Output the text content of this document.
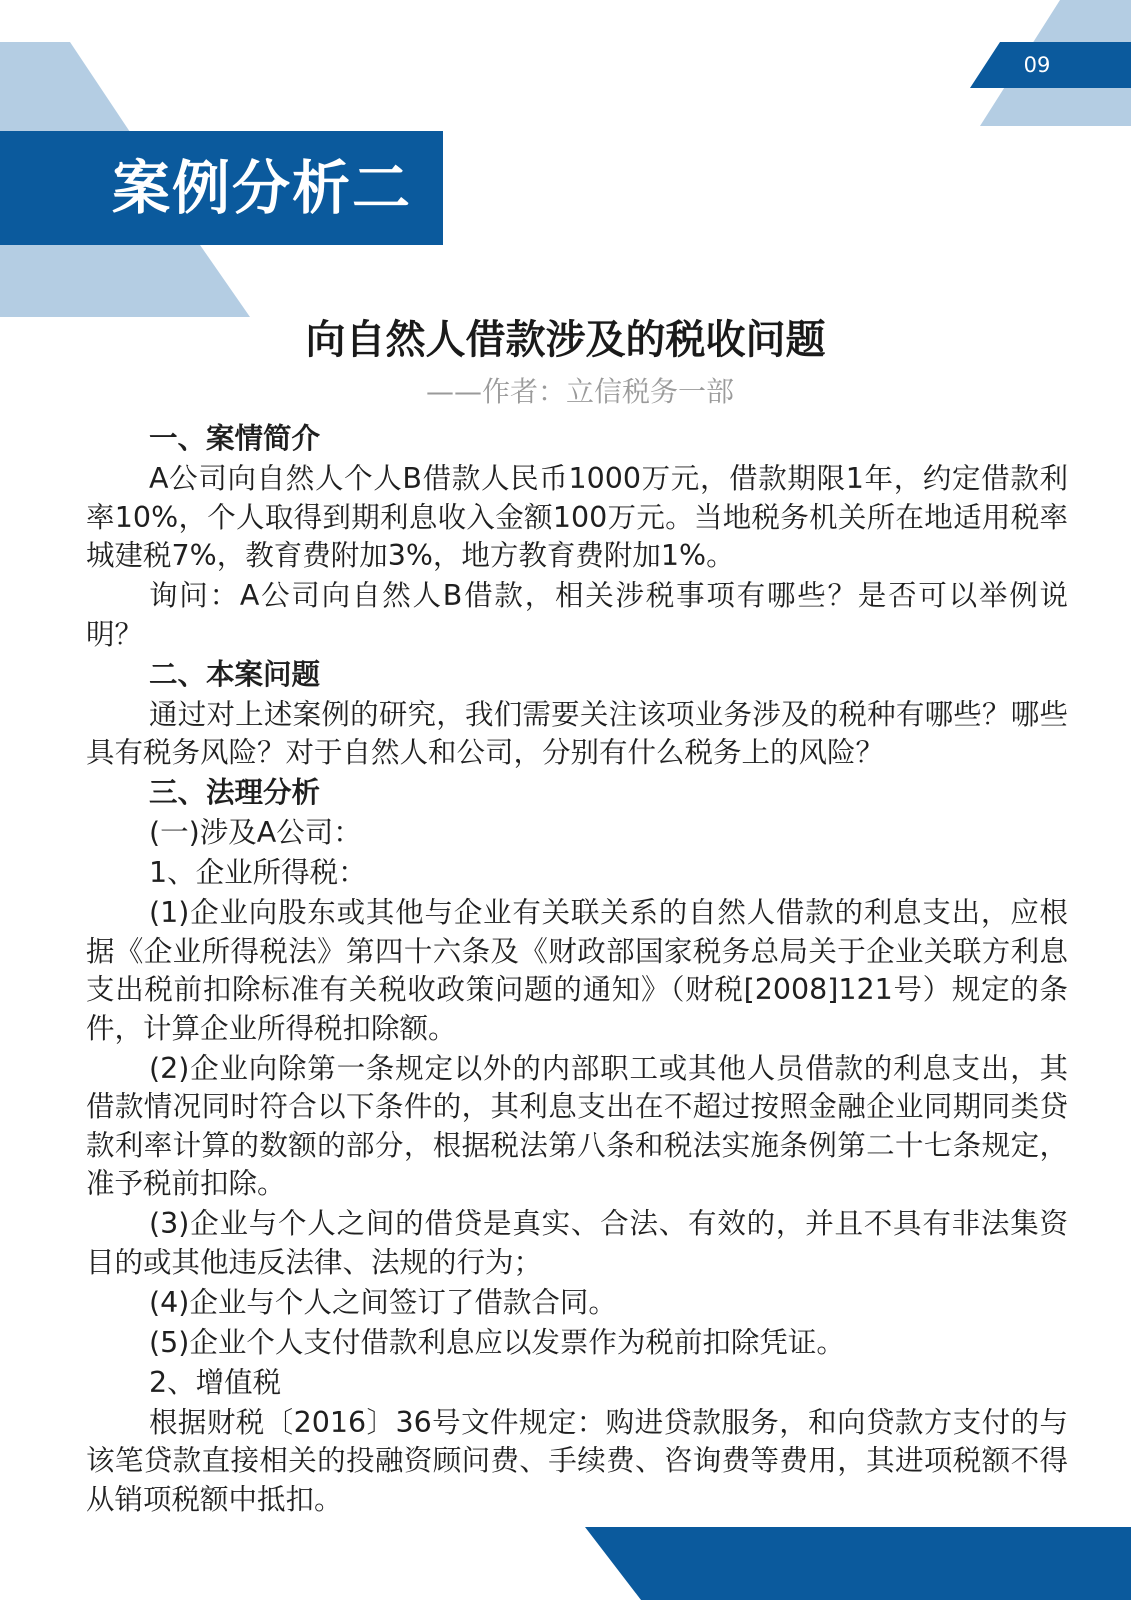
09
案例分析二
向自然人借款涉及的税收问题
——作者：立信税务一部
一、案情简介

A公司向自然人个人B借款人民币1000万元，借款期限1年，约定借款利率10%，个人取得到期利息收入金额100万元。当地税务机关所在地适用税率城建税7%，教育费附加3%，地方教育费附加1%。

询问：A公司向自然人B借款，相关涉税事项有哪些？是否可以举例说明？

二、本案问题

通过对上述案例的研究，我们需要关注该项业务涉及的税种有哪些？哪些具有税务风险？对于自然人和公司，分别有什么税务上的风险？

三、法理分析

(一)涉及A公司：

1、企业所得税：

(1)企业向股东或其他与企业有关联关系的自然人借款的利息支出，应根据《企业所得税法》第四十六条及《财政部国家税务总局关于企业关联方利息支出税前扣除标准有关税收政策问题的通知》（财税[2008]121号）规定的条件，计算企业所得税扣除额。

(2)企业向除第一条规定以外的内部职工或其他人员借款的利息支出，其借款情况同时符合以下条件的，其利息支出在不超过按照金融企业同期同类贷款利率计算的数额的部分，根据税法第八条和税法实施条例第二十七条规定，准予税前扣除。

(3)企业与个人之间的借贷是真实、合法、有效的，并且不具有非法集资目的或其他违反法律、法规的行为；

(4)企业与个人之间签订了借款合同。

(5)企业个人支付借款利息应以发票作为税前扣除凭证。

2、增值税

根据财税〔2016〕36号文件规定：购进贷款服务，和向贷款方支付的与该笔贷款直接相关的投融资顾问费、手续费、咨询费等费用，其进项税额不得从销项税额中抵扣。
